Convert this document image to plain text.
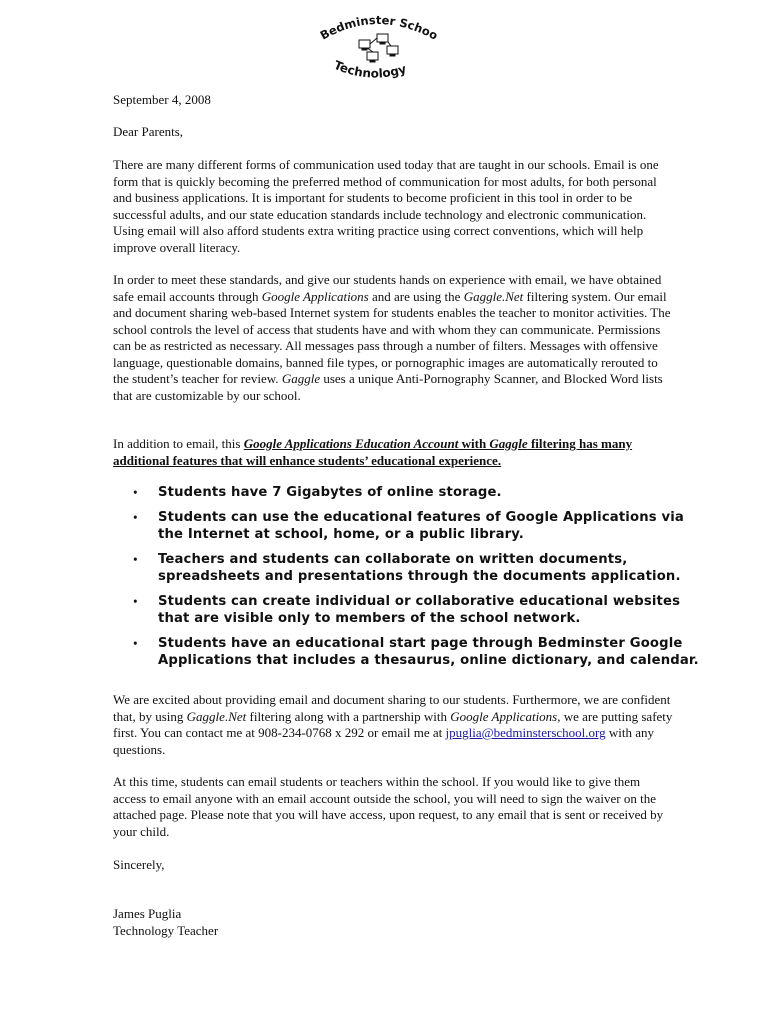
Bedminster Schoo
Technology
September 4, 2008
Dear Parents,

There are many different forms of communication used today that are taught in our schools. Email is one form that is quickly becoming the preferred method of communication for most adults, for both personal and business applications. It is important for students to become proficient in this tool in order to be successful adults, and our state education standards include technology and electronic communication. Using email will also afford students extra writing practice using correct conventions, which will help improve overall literacy.

In order to meet these standards, and give our students hands on experience with email, we have obtained safe email accounts through Google Applications and are using the Gaggle.Net filtering system. Our email and document sharing web-based Internet system for students enables the teacher to monitor activities. The school controls the level of access that students have and with whom they can communicate. Permissions can be as restricted as necessary. All messages pass through a number of filters. Messages with offensive language, questionable domains, banned file types, or pornographic images are automatically rerouted to the student’s teacher for review. Gaggle uses a unique Anti-Pornography Scanner, and Blocked Word lists that are customizable by our school.

In addition to email, this Google Applications Education Account with Gaggle filtering has many additional features that will enhance students’ educational experience.

• Students have 7 Gigabytes of online storage.
• Students can use the educational features of Google Applications via the Internet at school, home, or a public library.
• Teachers and students can collaborate on written documents, spreadsheets and presentations through the documents application.
• Students can create individual or collaborative educational websites that are visible only to members of the school network.
• Students have an educational start page through Bedminster Google Applications that includes a thesaurus, online dictionary, and calendar.

We are excited about providing email and document sharing to our students. Furthermore, we are confident that, by using Gaggle.Net filtering along with a partnership with Google Applications, we are putting safety first. You can contact me at 908-234-0768 x 292 or email me at jpuglia@bedminsterschool.org with any questions.

At this time, students can email students or teachers within the school. If you would like to give them access to email anyone with an email account outside the school, you will need to sign the waiver on the attached page. Please note that you will have access, upon request, to any email that is sent or received by your child.

Sincerely,
James Puglia
Technology Teacher
